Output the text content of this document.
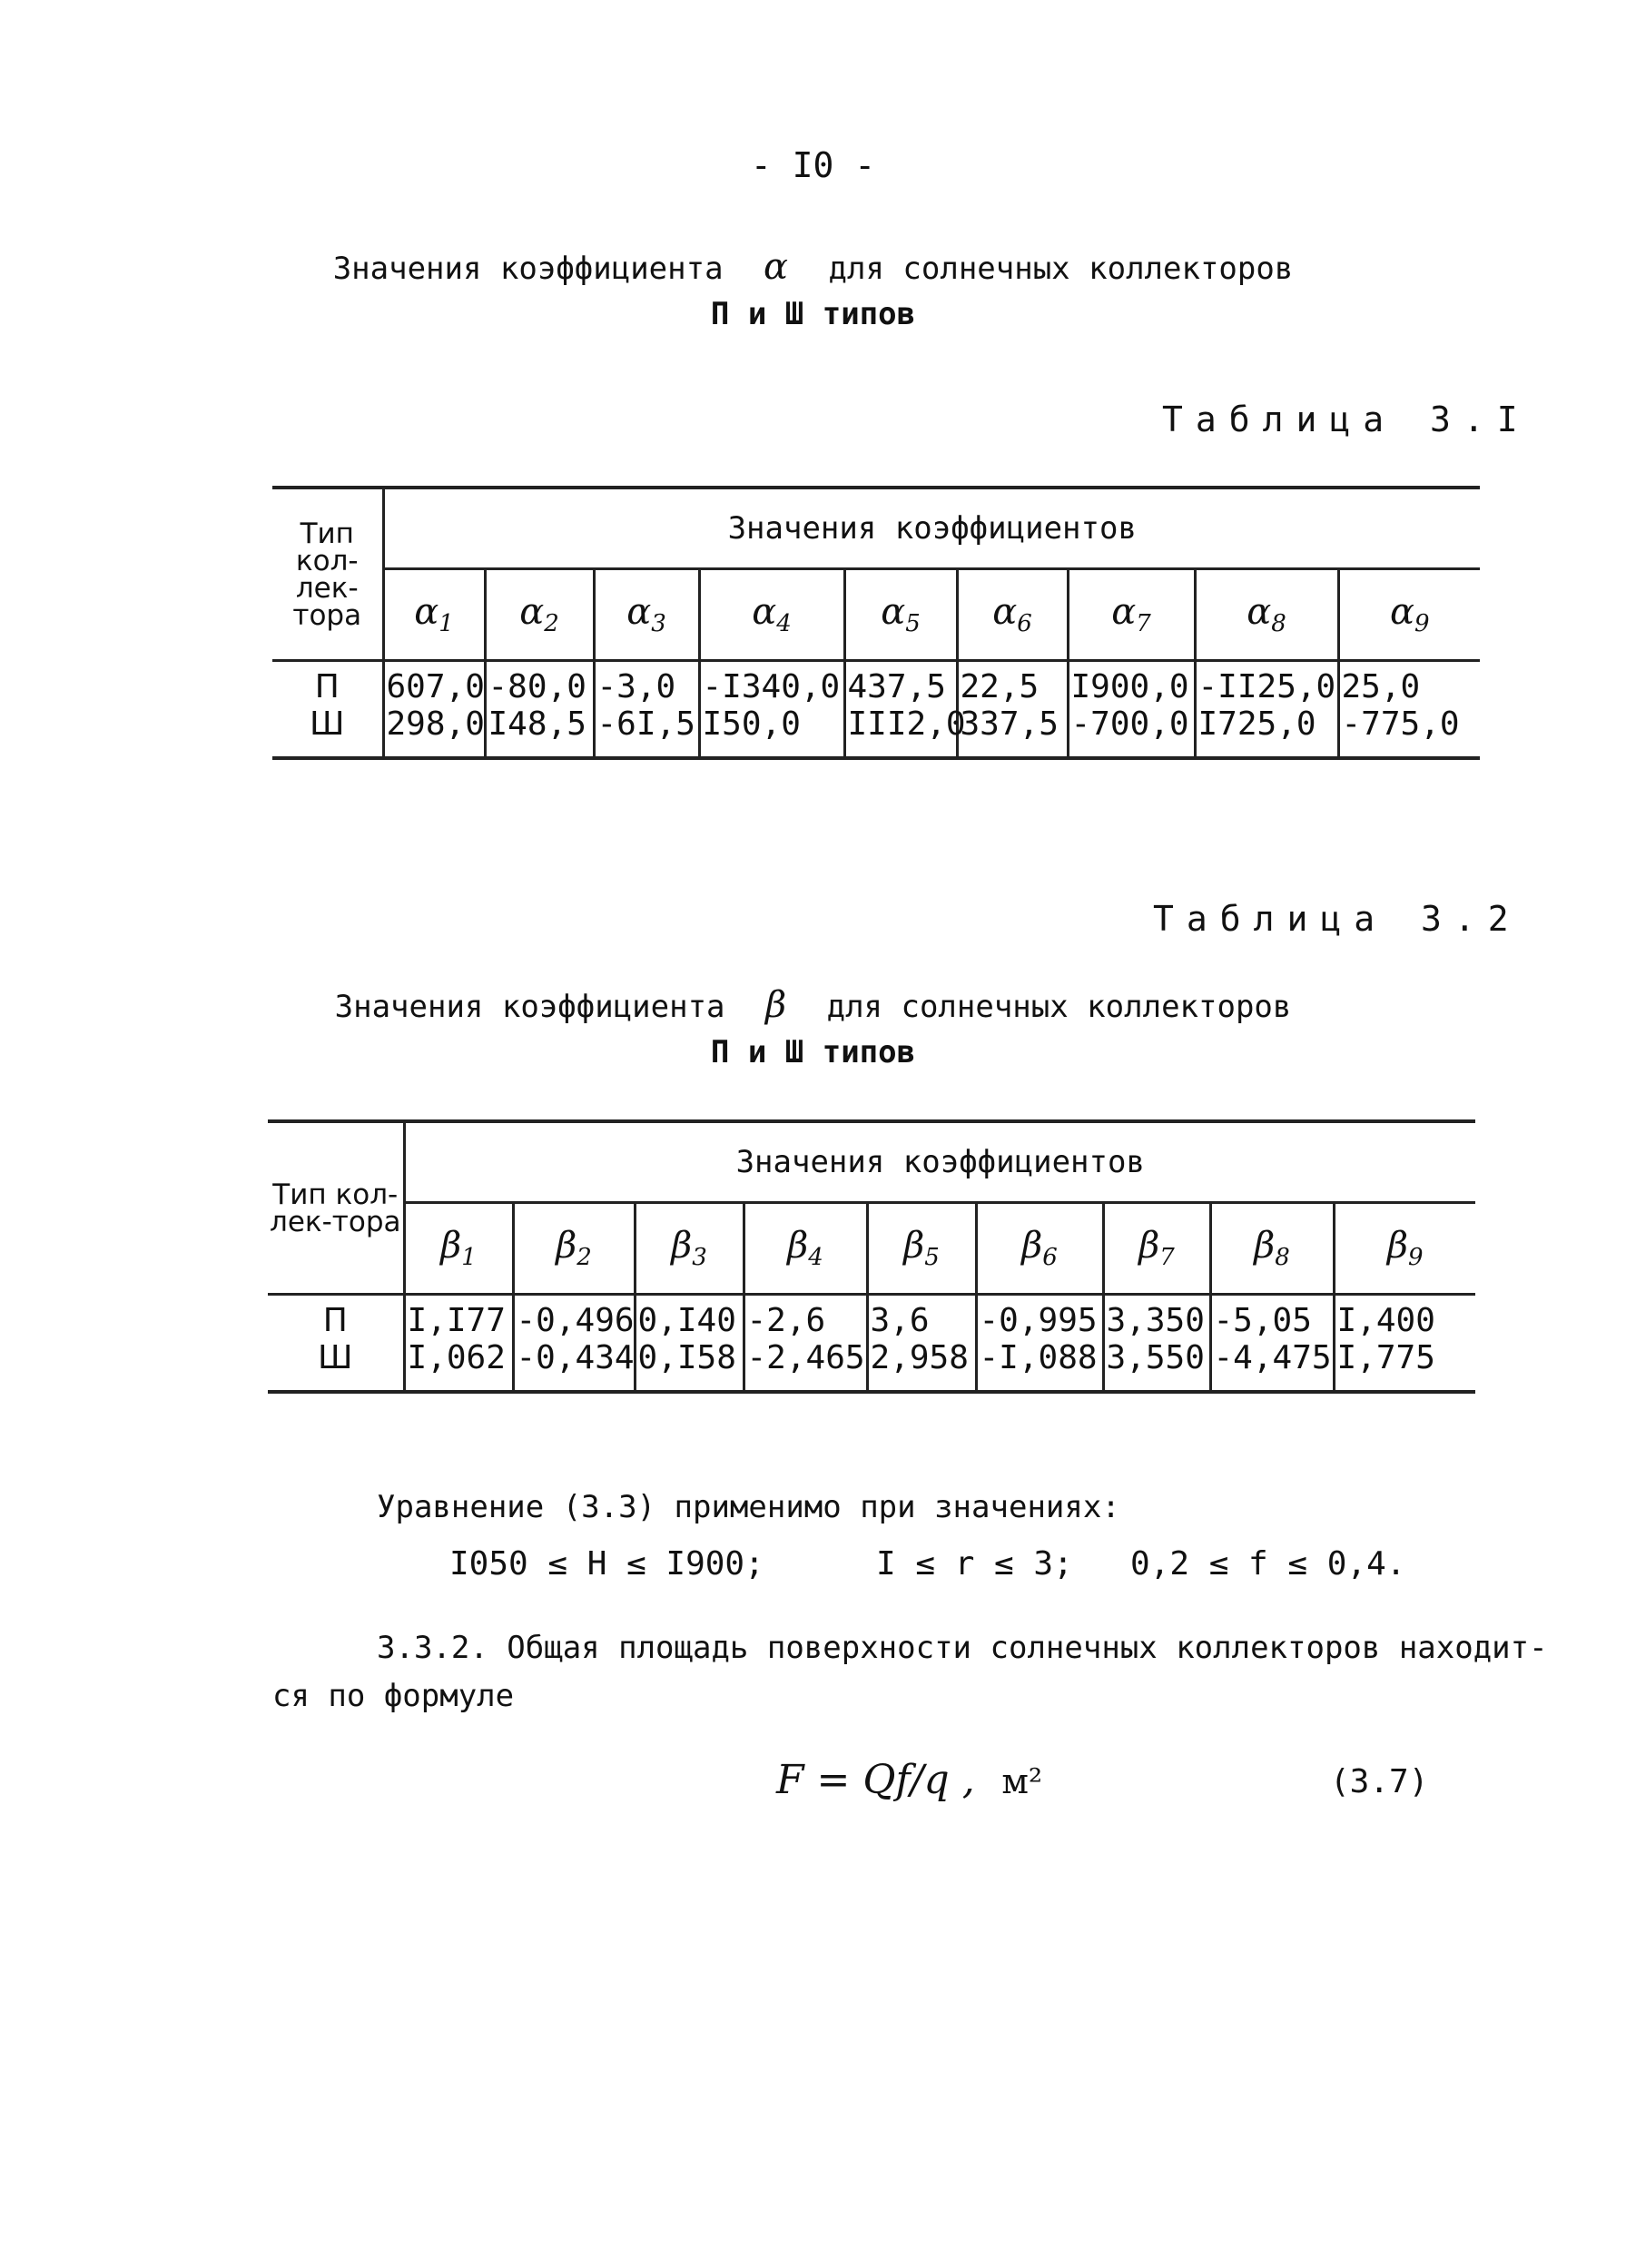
- I0 -
Значения коэффициента α для солнечных коллекторов
П и Ш типов
Таблица 3.I
Тип кол-лек-тора	Значения коэффициентов								
	$\alpha_1$	$\alpha_2$	$\alpha_3$	$\alpha_4$	$\alpha_5$	$\alpha_6$	$\alpha_7$	$\alpha_8$	$\alpha_9$
П	607,0	-80,0	-3,0	-I340,0	437,5	22,5	I900,0	-II25,0	25,0
Ш	298,0	I48,5	-6I,5	I50,0	III2,0	337,5	-700,0	I725,0	-775,0
Таблица 3.2
Значения коэффициента β для солнечных коллекторов
П и Ш типов
Тип кол-лек-тора	Значения коэффициентов								
	$\beta_1$	$\beta_2$	$\beta_3$	$\beta_4$	$\beta_5$	$\beta_6$	$\beta_7$	$\beta_8$	$\beta_9$
П	I,I77	-0,496	0,I40	-2,6	3,6	-0,995	3,350	-5,05	I,400
Ш	I,062	-0,434	0,I58	-2,465	2,958	-I,088	3,550	-4,475	I,775
Уравнение (3.3) применимо при значениях:
I050 ≤ H ≤ I900;	I ≤ r ≤ 3; 0,2 ≤ f ≤ 0,4.
3.3.2. Общая площадь поверхности солнечных коллекторов находит-
ся по формуле
F = Qf/q , м²	(3.7)
